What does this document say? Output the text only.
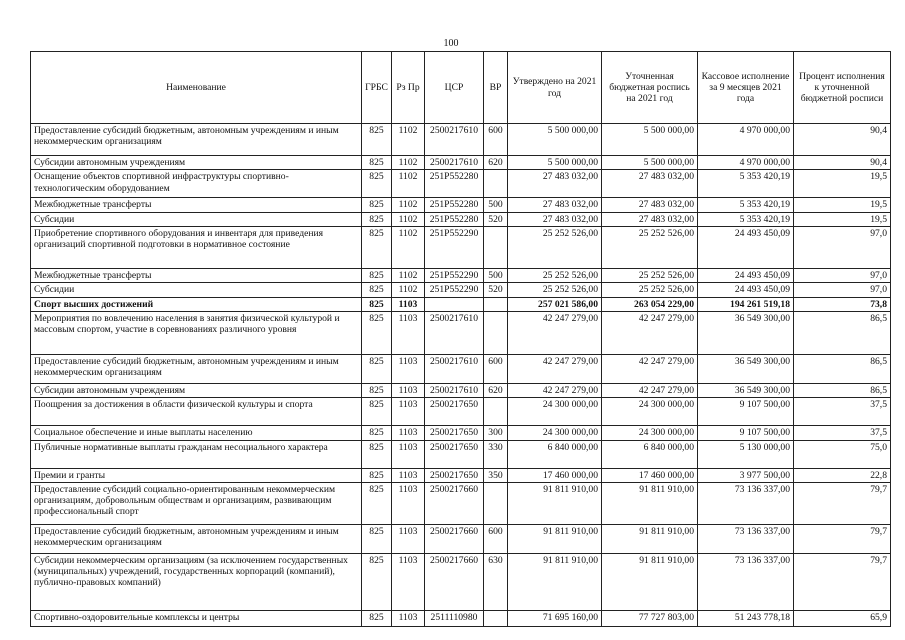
100
Наименование	ГРБС	Рз Пр	ЦСР	ВР	Утверждено на 2021 год	Уточненная бюджетная роспись на 2021 год	Кассовое исполнение за 9 месяцев 2021 года	Процент исполнения к уточненной бюджетной росписи
Предоставление субсидий бюджетным, автономным учреждениям и иным некоммерческим организациям	825	1102	2500217610	600	5 500 000,00	5 500 000,00	4 970 000,00	90,4
Субсидии автономным учреждениям	825	1102	2500217610	620	5 500 000,00	5 500 000,00	4 970 000,00	90,4
Оснащение объектов спортивной инфраструктуры спортивно-технологическим оборудованием	825	1102	251Р552280		27 483 032,00	27 483 032,00	5 353 420,19	19,5
Межбюджетные трансферты	825	1102	251Р552280	500	27 483 032,00	27 483 032,00	5 353 420,19	19,5
Субсидии	825	1102	251Р552280	520	27 483 032,00	27 483 032,00	5 353 420,19	19,5
Приобретение спортивного оборудования и инвентаря для приведения организаций спортивной подготовки в нормативное состояние	825	1102	251Р552290		25 252 526,00	25 252 526,00	24 493 450,09	97,0
Межбюджетные трансферты	825	1102	251Р552290	500	25 252 526,00	25 252 526,00	24 493 450,09	97,0
Субсидии	825	1102	251Р552290	520	25 252 526,00	25 252 526,00	24 493 450,09	97,0
Спорт высших достижений	825	1103			257 021 586,00	263 054 229,00	194 261 519,18	73,8
Мероприятия по вовлечению населения в занятия физической культурой и массовым спортом, участие в соревнованиях различного уровня	825	1103	2500217610		42 247 279,00	42 247 279,00	36 549 300,00	86,5
Предоставление субсидий бюджетным, автономным учреждениям и иным некоммерческим организациям	825	1103	2500217610	600	42 247 279,00	42 247 279,00	36 549 300,00	86,5
Субсидии автономным учреждениям	825	1103	2500217610	620	42 247 279,00	42 247 279,00	36 549 300,00	86,5
Поощрения за достижения в области физической культуры и спорта	825	1103	2500217650		24 300 000,00	24 300 000,00	9 107 500,00	37,5
Социальное обеспечение и иные выплаты населению	825	1103	2500217650	300	24 300 000,00	24 300 000,00	9 107 500,00	37,5
Публичные нормативные выплаты гражданам несоциального характера	825	1103	2500217650	330	6 840 000,00	6 840 000,00	5 130 000,00	75,0
Премии и гранты	825	1103	2500217650	350	17 460 000,00	17 460 000,00	3 977 500,00	22,8
Предоставление субсидий социально-ориентированным некоммерческим организациям, добровольным обществам и организациям, развивающим профессиональный спорт	825	1103	2500217660		91 811 910,00	91 811 910,00	73 136 337,00	79,7
Предоставление субсидий бюджетным, автономным учреждениям и иным некоммерческим организациям	825	1103	2500217660	600	91 811 910,00	91 811 910,00	73 136 337,00	79,7
Субсидии некоммерческим организациям (за исключением государственных (муниципальных) учреждений, государственных корпораций (компаний), публично-правовых компаний)	825	1103	2500217660	630	91 811 910,00	91 811 910,00	73 136 337,00	79,7
Спортивно-оздоровительные комплексы и центры	825	1103	2511110980		71 695 160,00	77 727 803,00	51 243 778,18	65,9
